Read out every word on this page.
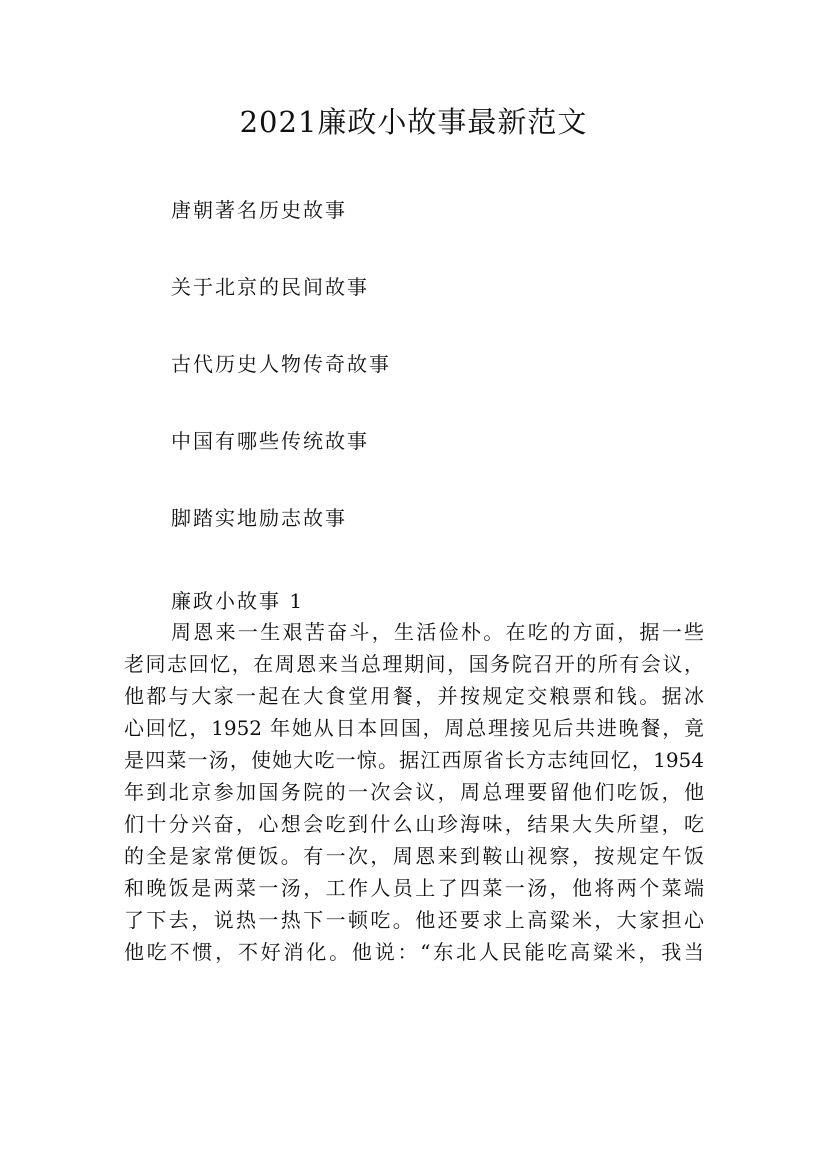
2021廉政小故事最新范文
唐朝著名历史故事
关于北京的民间故事
古代历史人物传奇故事
中国有哪些传统故事
脚踏实地励志故事
廉政小故事 1

周恩来一生艰苦奋斗，生活俭朴。在吃的方面，据一些

老同志回忆，在周恩来当总理期间，国务院召开的所有会议，

他都与大家一起在大食堂用餐，并按规定交粮票和钱。据冰

心回忆，1952 年她从日本回国，周总理接见后共进晚餐，竟

是四菜一汤，使她大吃一惊。据江西原省长方志纯回忆，1954

年到北京参加国务院的一次会议，周总理要留他们吃饭，他

们十分兴奋，心想会吃到什么山珍海味，结果大失所望，吃

的全是家常便饭。有一次，周恩来到鞍山视察，按规定午饭

和晚饭是两菜一汤，工作人员上了四菜一汤，他将两个菜端

了下去，说热一热下一顿吃。他还要求上高粱米，大家担心

他吃不惯，不好消化。他说：“东北人民能吃高粱米，我当
